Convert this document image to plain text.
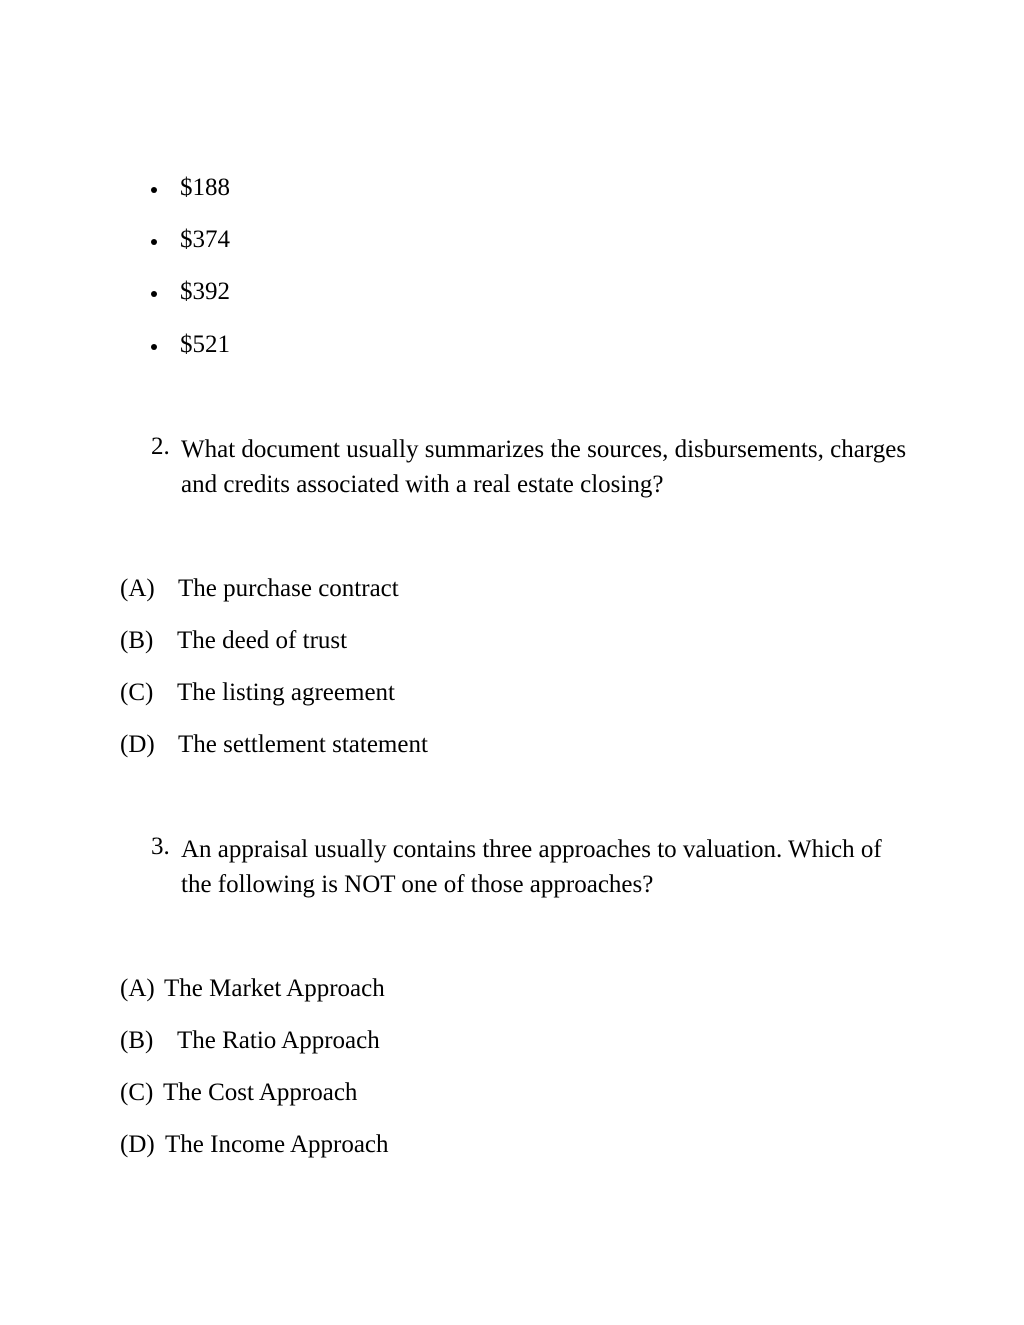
$188
$374
$392
$521
2. What document usually summarizes the sources, disbursements, charges and credits associated with a real estate closing?
(A) The purchase contract
(B) The deed of trust
(C) The listing agreement
(D) The settlement statement
3. An appraisal usually contains three approaches to valuation. Which of the following is NOT one of those approaches?
(A) The Market Approach
(B) The Ratio Approach
(C) The Cost Approach
(D) The Income Approach
